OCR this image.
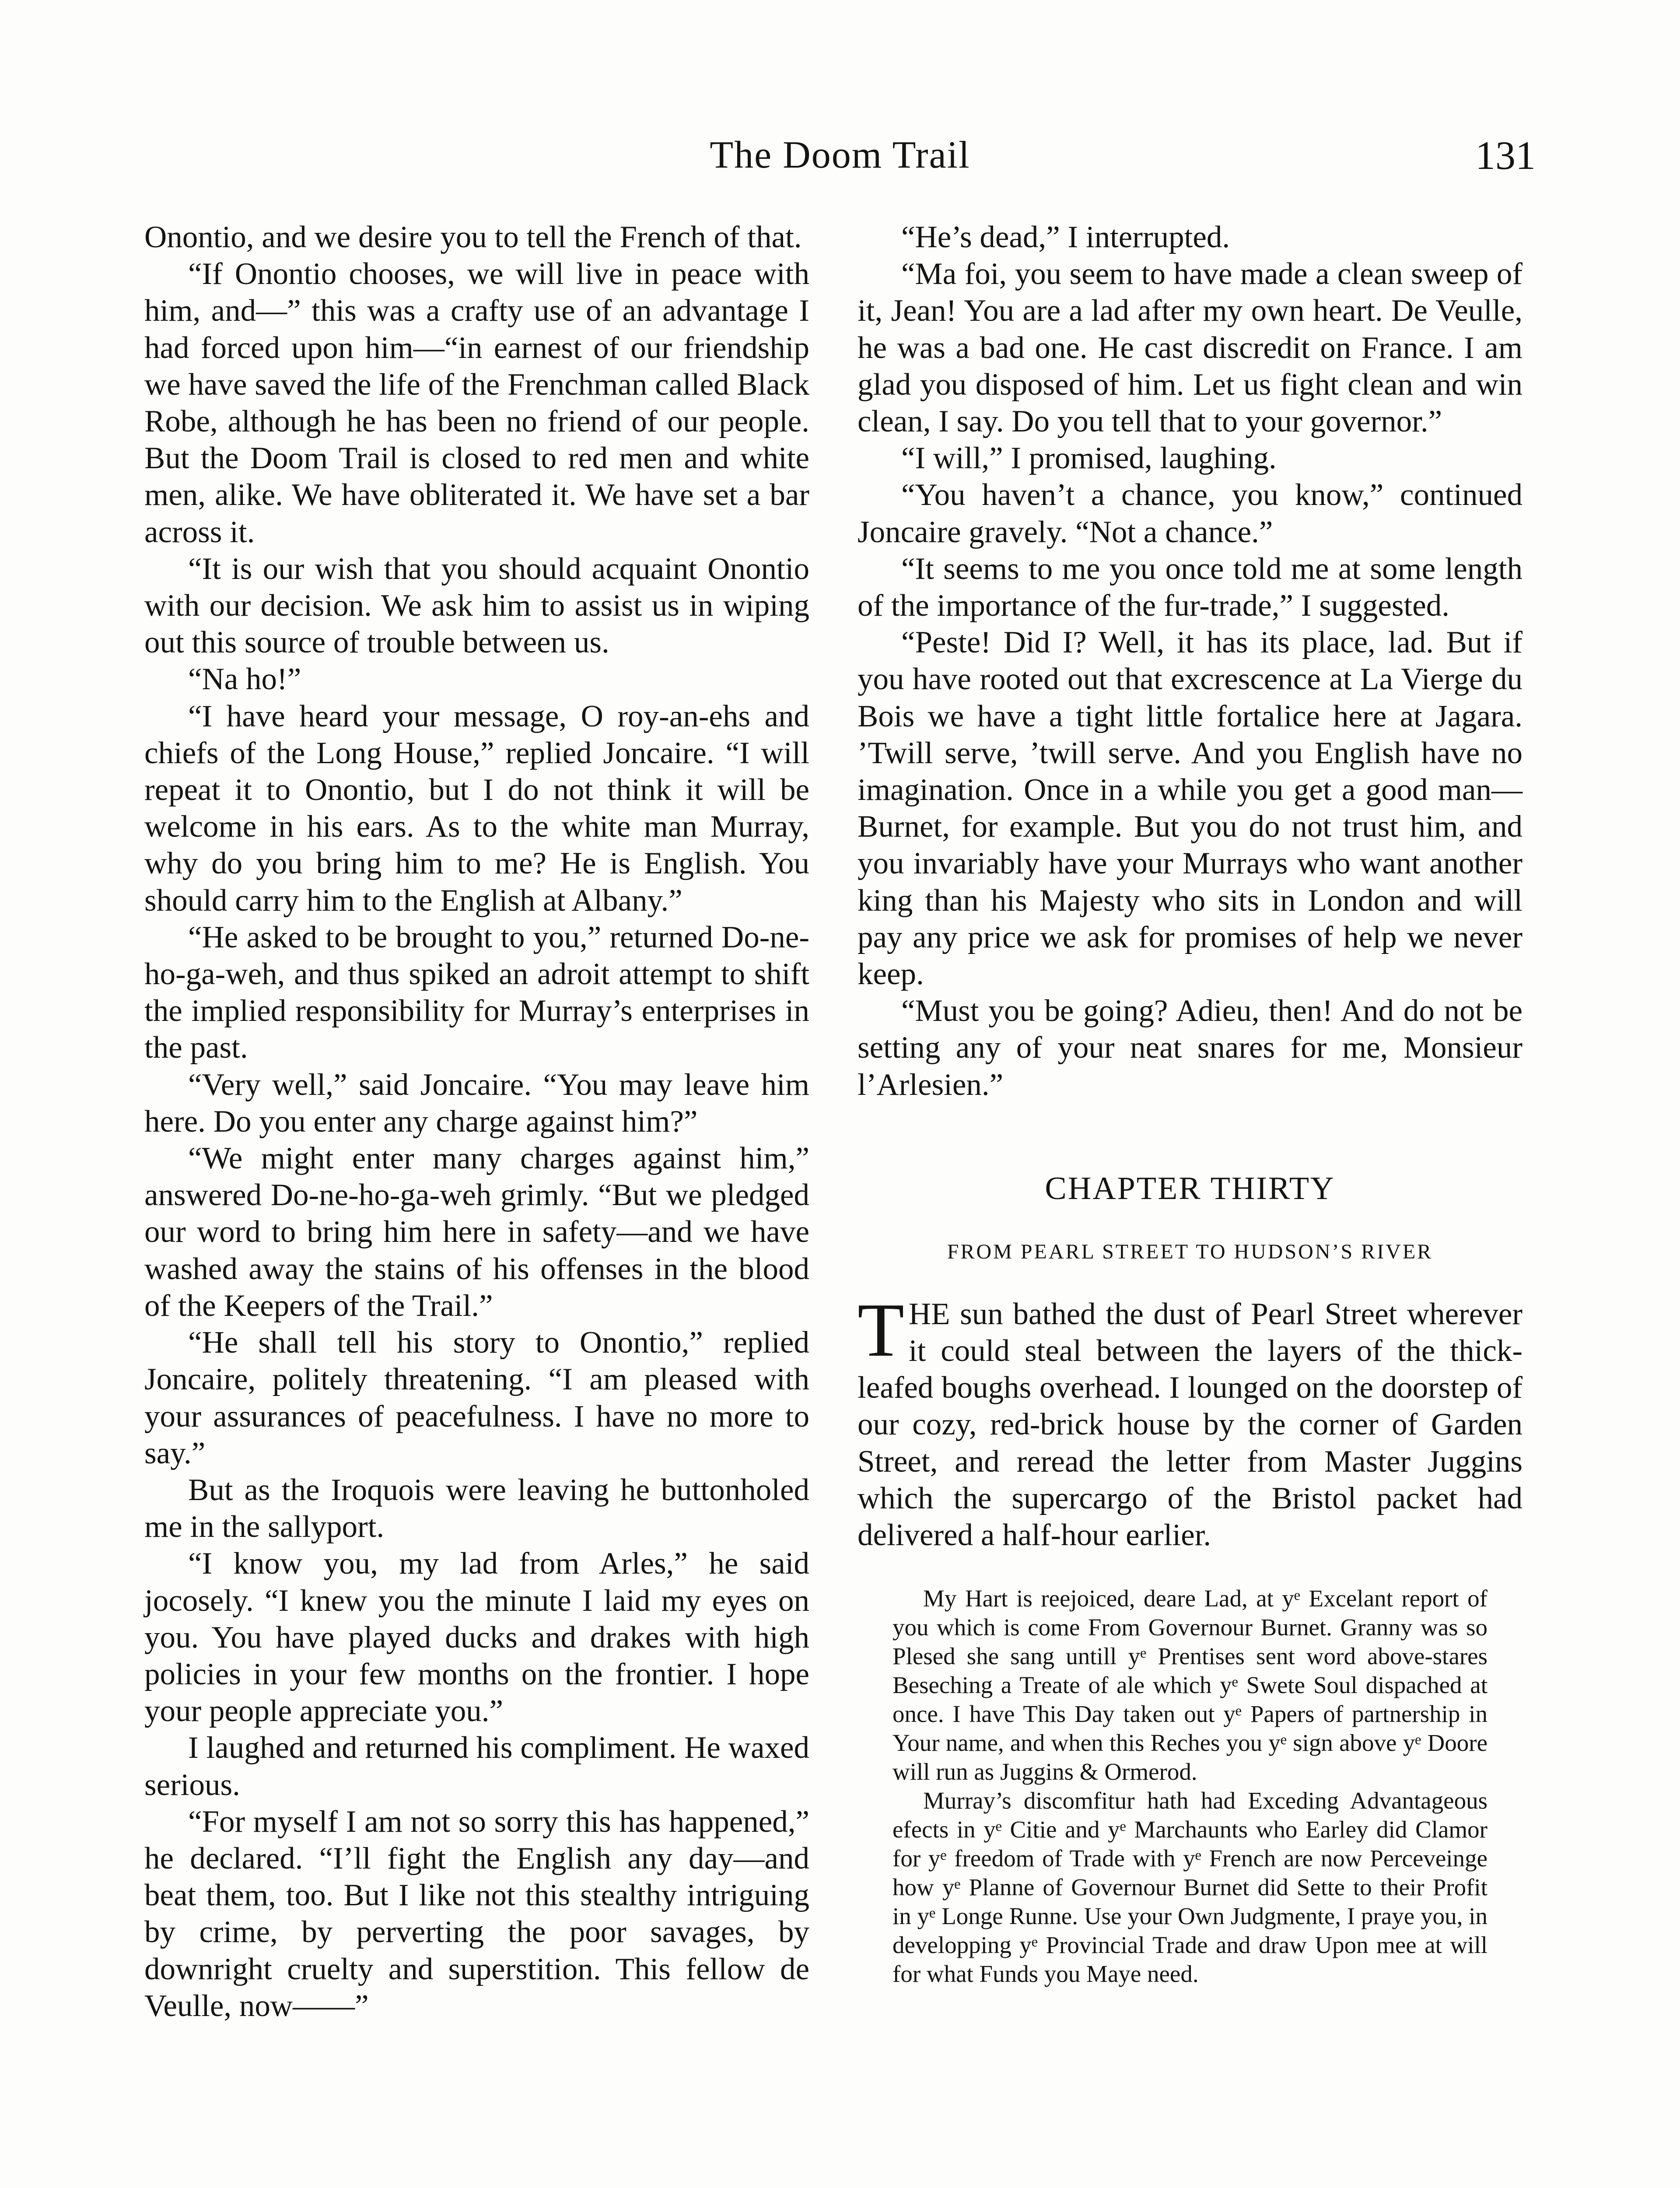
The Doom Trail	131

Onontio, and we desire you to tell the French of that.

“If Onontio chooses, we will live in peace with him, and—” this was a crafty use of an advantage I had forced upon him—“in earnest of our friendship we have saved the life of the Frenchman called Black Robe, although he has been no friend of our people. But the Doom Trail is closed to red men and white men, alike. We have obliterated it. We have set a bar across it.

“It is our wish that you should acquaint Onontio with our decision. We ask him to assist us in wiping out this source of trouble between us.

“Na ho!”

“I have heard your message, O roy-an-ehs and chiefs of the Long House,” replied Joncaire. “I will repeat it to Onontio, but I do not think it will be welcome in his ears. As to the white man Murray, why do you bring him to me? He is English. You should carry him to the English at Albany.”

“He asked to be brought to you,” returned Do-ne-ho-ga-weh, and thus spiked an adroit attempt to shift the implied responsibility for Murray’s enterprises in the past.

“Very well,” said Joncaire. “You may leave him here. Do you enter any charge against him?”

“We might enter many charges against him,” answered Do-ne-ho-ga-weh grimly. “But we pledged our word to bring him here in safety—and we have washed away the stains of his offenses in the blood of the Keepers of the Trail.”

“He shall tell his story to Onontio,” replied Joncaire, politely threatening. “I am pleased with your assurances of peacefulness. I have no more to say.”

But as the Iroquois were leaving he buttonholed me in the sallyport.

“I know you, my lad from Arles,” he said jocosely. “I knew you the minute I laid my eyes on you. You have played ducks and drakes with high policies in your few months on the frontier. I hope your people appreciate you.”

I laughed and returned his compliment. He waxed serious.

“For myself I am not so sorry this has happened,” he declared. “I’ll fight the English any day—and beat them, too. But I like not this stealthy intriguing by crime, by perverting the poor savages, by downright cruelty and superstition. This fellow de Veulle, now——”

“He’s dead,” I interrupted.

“Ma foi, you seem to have made a clean sweep of it, Jean! You are a lad after my own heart. De Veulle, he was a bad one. He cast discredit on France. I am glad you disposed of him. Let us fight clean and win clean, I say. Do you tell that to your governor.”

“I will,” I promised, laughing.

“You haven’t a chance, you know,” continued Joncaire gravely. “Not a chance.”

“It seems to me you once told me at some length of the importance of the fur-trade,” I suggested.

“Peste! Did I? Well, it has its place, lad. But if you have rooted out that excrescence at La Vierge du Bois we have a tight little fortalice here at Jagara. ’Twill serve, ’twill serve. And you English have no imagination. Once in a while you get a good man—Burnet, for example. But you do not trust him, and you invariably have your Murrays who want another king than his Majesty who sits in London and will pay any price we ask for promises of help we never keep.

“Must you be going? Adieu, then! And do not be setting any of your neat snares for me, Monsieur l’Arlesien.”

CHAPTER THIRTY
FROM PEARL STREET TO HUDSON’S RIVER

THE sun bathed the dust of Pearl Street wherever it could steal between the layers of the thick-leafed boughs overhead. I lounged on the doorstep of our cozy, red-brick house by the corner of Garden Street, and reread the letter from Master Juggins which the supercargo of the Bristol packet had delivered a half-hour earlier.

My Hart is reejoiced, deare Lad, at yᵉ Excelant report of you which is come From Governour Burnet. Granny was so Plesed she sang untill yᵉ Prentises sent word above-stares Beseching a Treate of ale which yᵉ Swete Soul dispached at once. I have This Day taken out yᵉ Papers of partnership in Your name, and when this Reches you yᵉ sign above yᵉ Doore will run as Juggins & Ormerod.

Murray’s discomfitur hath had Exceding Advantageous efects in yᵉ Citie and yᵉ Marchaunts who Earley did Clamor for yᵉ freedom of Trade with yᵉ French are now Perceveinge how yᵉ Planne of Governour Burnet did Sette to their Profit in yᵉ Longe Runne. Use your Own Judgmente, I praye you, in developping yᵉ Provincial Trade and draw Upon mee at will for what Funds you Maye need.
